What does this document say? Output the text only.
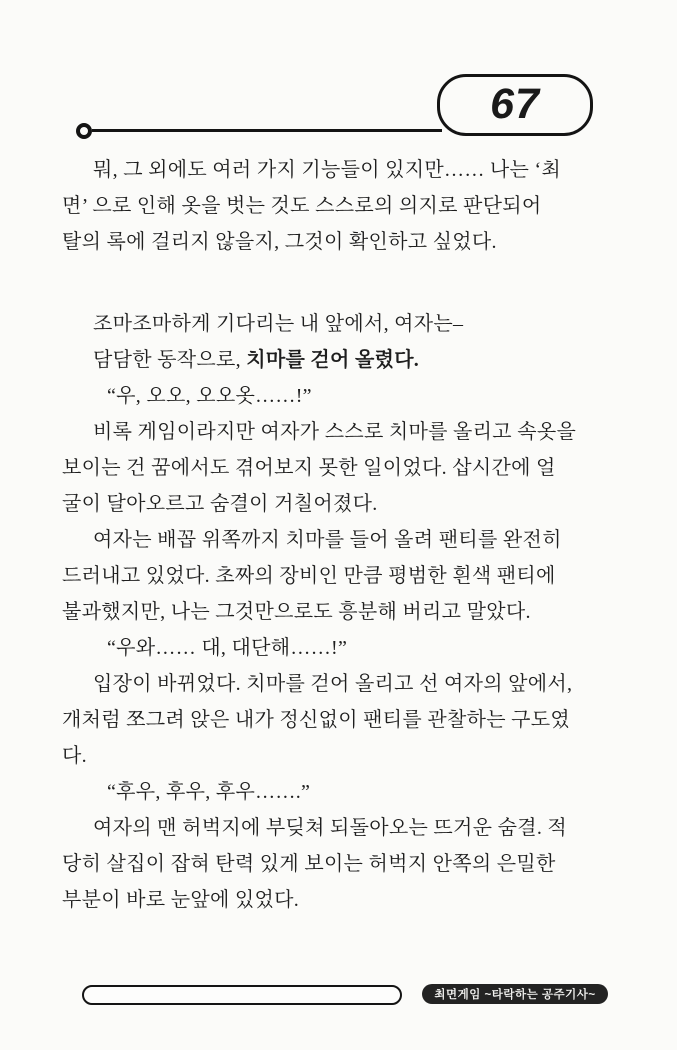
67
뭐, 그 외에도 여러 가지 기능들이 있지만…… 나는 ‘최
면’ 으로 인해 옷을 벗는 것도 스스로의 의지로 판단되어
탈의 록에 걸리지 않을지, 그것이 확인하고 싶었다.
조마조마하게 기다리는 내 앞에서, 여자는–
담담한 동작으로, 치마를 걷어 올렸다.
“우, 오오, 오오옷……!”
비록 게임이라지만 여자가 스스로 치마를 올리고 속옷을
보이는 건 꿈에서도 겪어보지 못한 일이었다. 삽시간에 얼
굴이 달아오르고 숨결이 거칠어졌다.
여자는 배꼽 위쪽까지 치마를 들어 올려 팬티를 완전히
드러내고 있었다. 초짜의 장비인 만큼 평범한 흰색 팬티에
불과했지만, 나는 그것만으로도 흥분해 버리고 말았다.
“우와…… 대, 대단해……!”
입장이 바뀌었다. 치마를 걷어 올리고 선 여자의 앞에서,
개처럼 쪼그려 앉은 내가 정신없이 팬티를 관찰하는 구도였
다.
“후우, 후우, 후우…….”
여자의 맨 허벅지에 부딪쳐 되돌아오는 뜨거운 숨결. 적
당히 살집이 잡혀 탄력 있게 보이는 허벅지 안쪽의 은밀한
부분이 바로 눈앞에 있었다.
최면게임 ~타락하는 공주기사~
